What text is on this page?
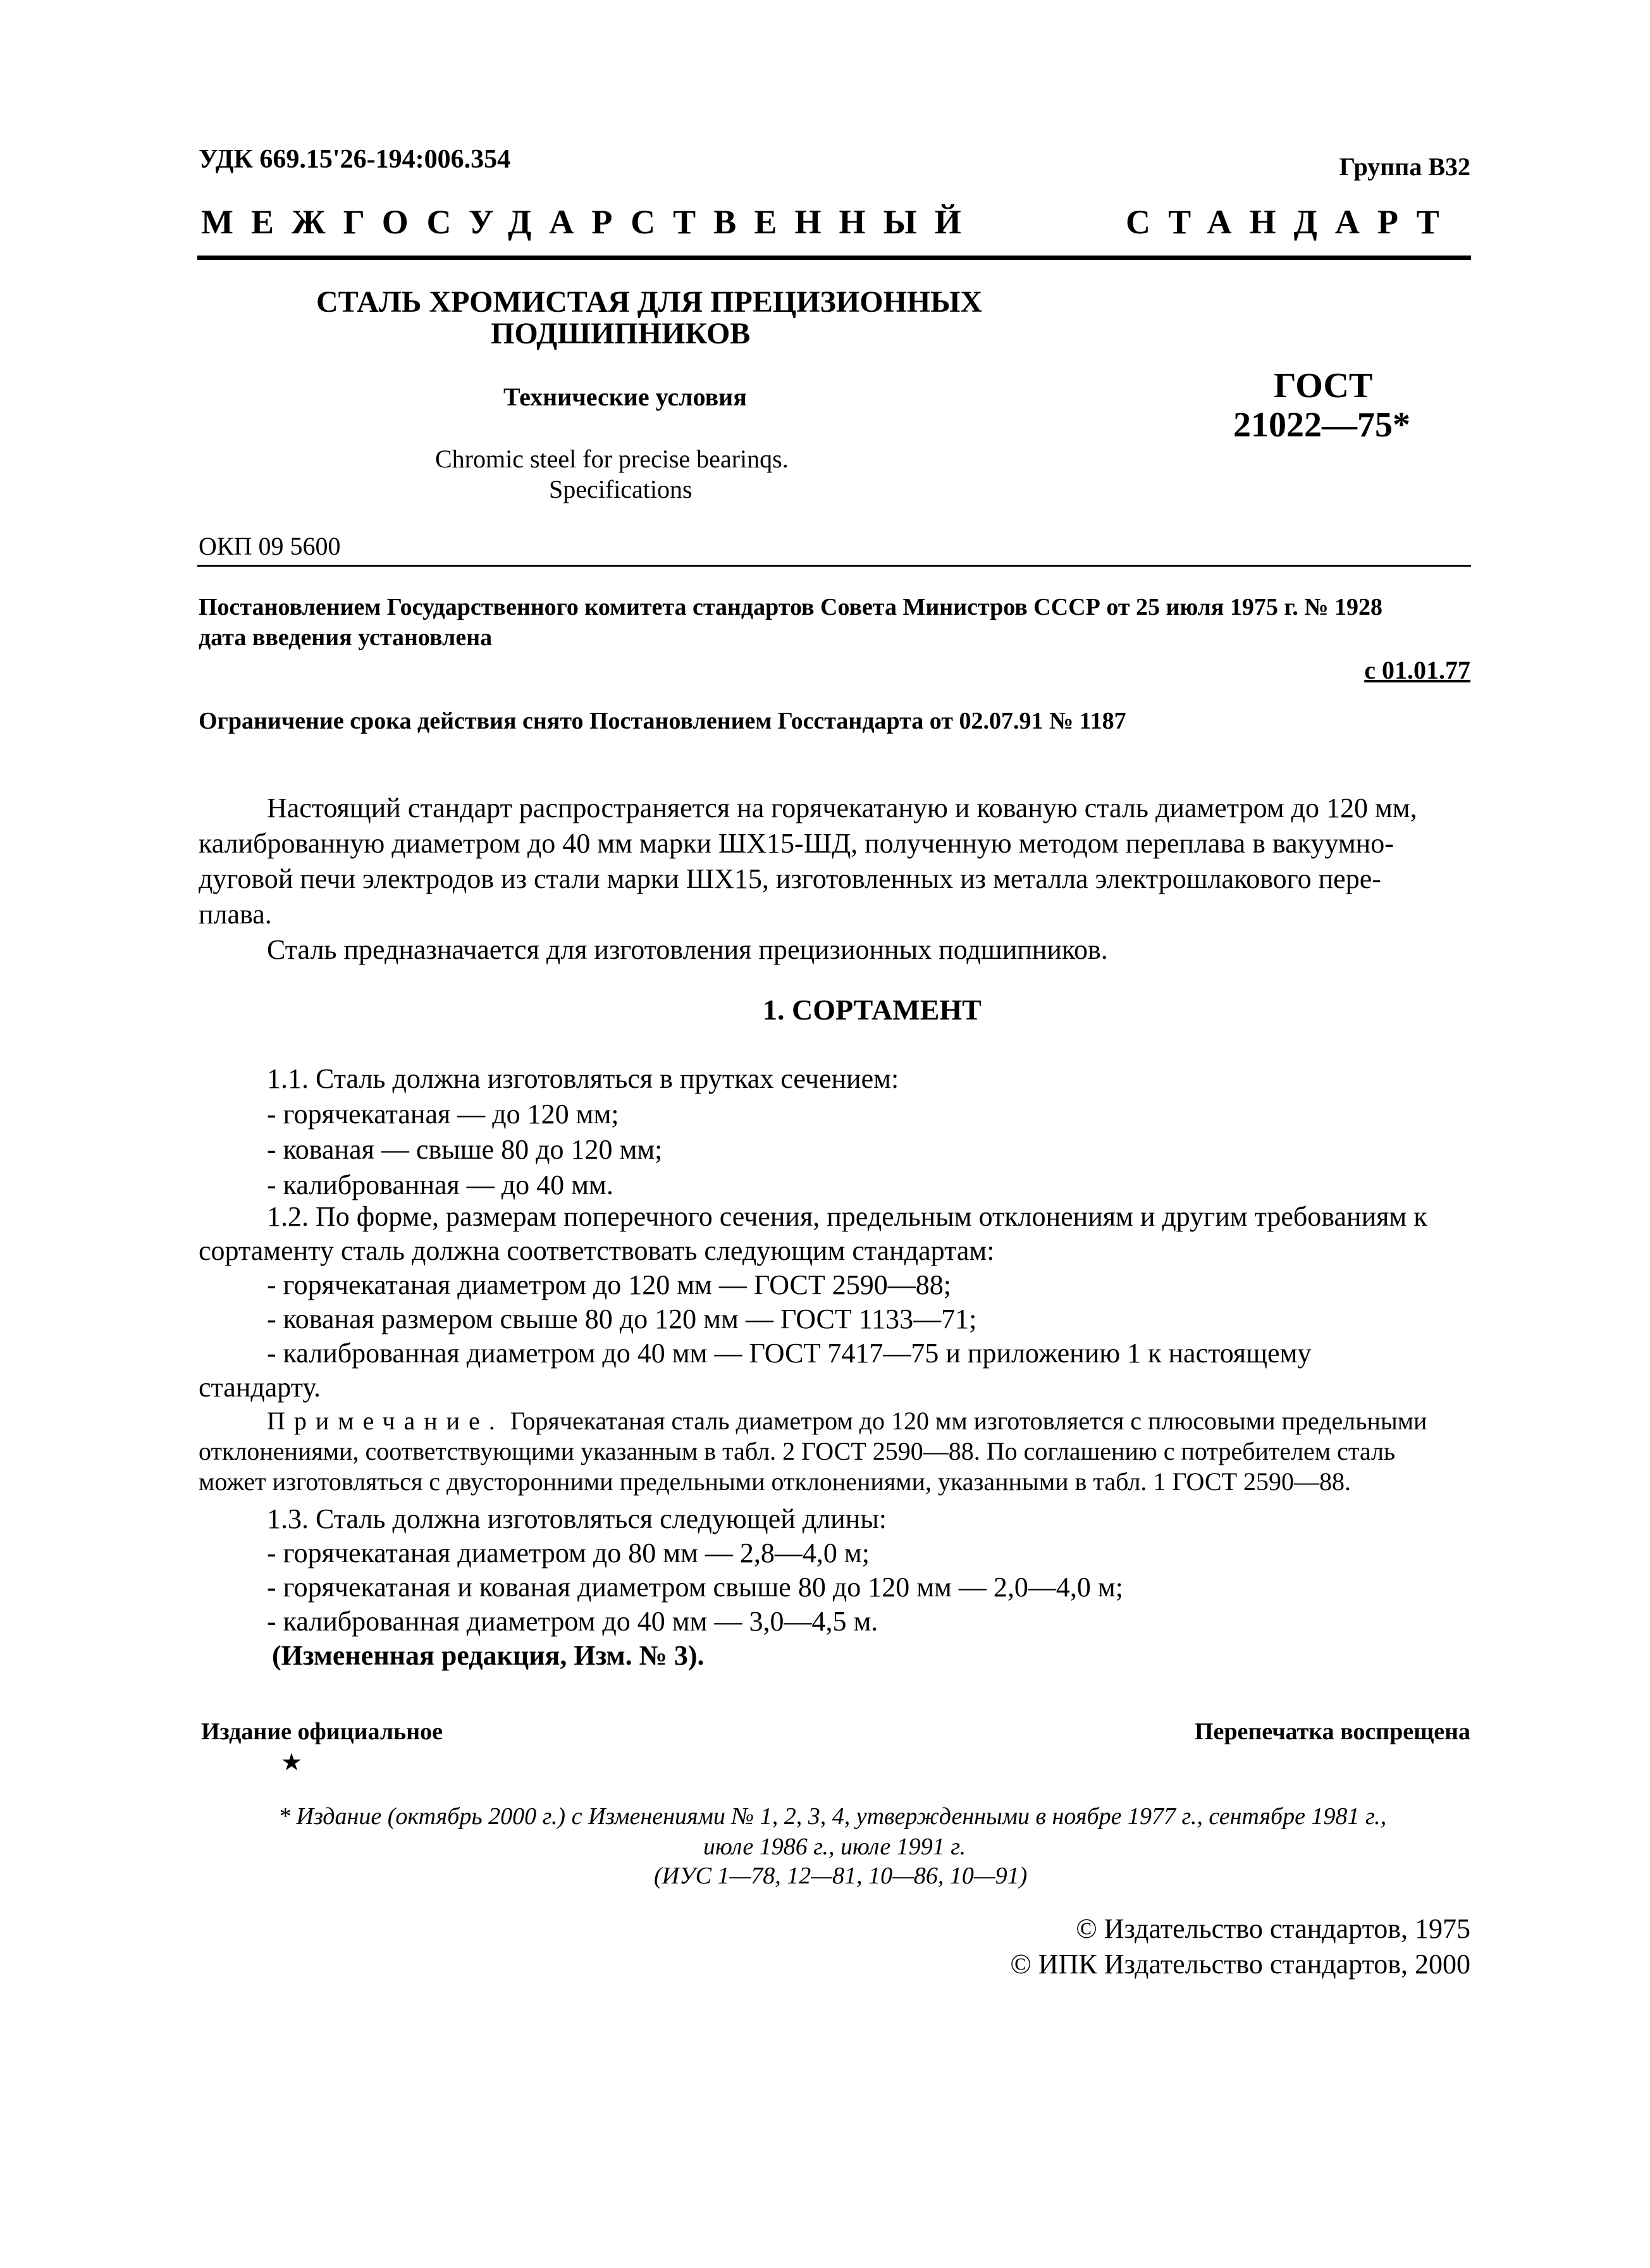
УДК 669.15'26-194:006.354	Группа В32
МЕЖГОСУДАРСТВЕННЫЙ	СТАНДАРТ
СТАЛЬ ХРОМИСТАЯ ДЛЯ ПРЕЦИЗИОННЫХ
ПОДШИПНИКОВ
Технические условия	ГОСТ
21022—75*
Chromic steel for precise bearinqs.
Specifications
ОКП 09 5600
Постановлением Государственного комитета стандартов Совета Министров СССР от 25 июля 1975 г. № 1928
дата введения установлена
с 01.01.77
Ограничение срока действия снято Постановлением Госстандарта от 02.07.91 № 1187
Настоящий стандарт распространяется на горячекатаную и кованую сталь диаметром до 120 мм,
калиброванную диаметром до 40 мм марки ШХ15-ШД, полученную методом переплава в вакуумно-
дуговой печи электродов из стали марки ШХ15, изготовленных из металла электрошлакового пере-
плава.
Сталь предназначается для изготовления прецизионных подшипников.
1. СОРТАМЕНТ
1.1. Сталь должна изготовляться в прутках сечением:
- горячекатаная — до 120 мм;
- кованая — свыше 80 до 120 мм;
- калиброванная — до 40 мм.
1.2. По форме, размерам поперечного сечения, предельным отклонениям и другим требованиям к
сортаменту сталь должна соответствовать следующим стандартам:
- горячекатаная диаметром до 120 мм — ГОСТ 2590—88;
- кованая размером свыше 80 до 120 мм — ГОСТ 1133—71;
- калиброванная диаметром до 40 мм — ГОСТ 7417—75 и приложению 1 к настоящему
стандарту.
Примечание. Горячекатаная сталь диаметром до 120 мм изготовляется с плюсовыми предельными
отклонениями, соответствующими указанным в табл. 2 ГОСТ 2590—88. По соглашению с потребителем сталь
может изготовляться с двусторонними предельными отклонениями, указанными в табл. 1 ГОСТ 2590—88.
1.3. Сталь должна изготовляться следующей длины:
- горячекатаная диаметром до 80 мм — 2,8—4,0 м;
- горячекатаная и кованая диаметром свыше 80 до 120 мм — 2,0—4,0 м;
- калиброванная диаметром до 40 мм — 3,0—4,5 м.
(Измененная редакция, Изм. № 3).
Издание официальное
★
Перепечатка воспрещена
* Издание (октябрь 2000 г.) с Изменениями № 1, 2, 3, 4, утвержденными в ноябре 1977 г., сентябре 1981 г.,
июле 1986 г., июле 1991 г.
(ИУС 1—78, 12—81, 10—86, 10—91)
© Издательство стандартов, 1975
© ИПК Издательство стандартов, 2000
